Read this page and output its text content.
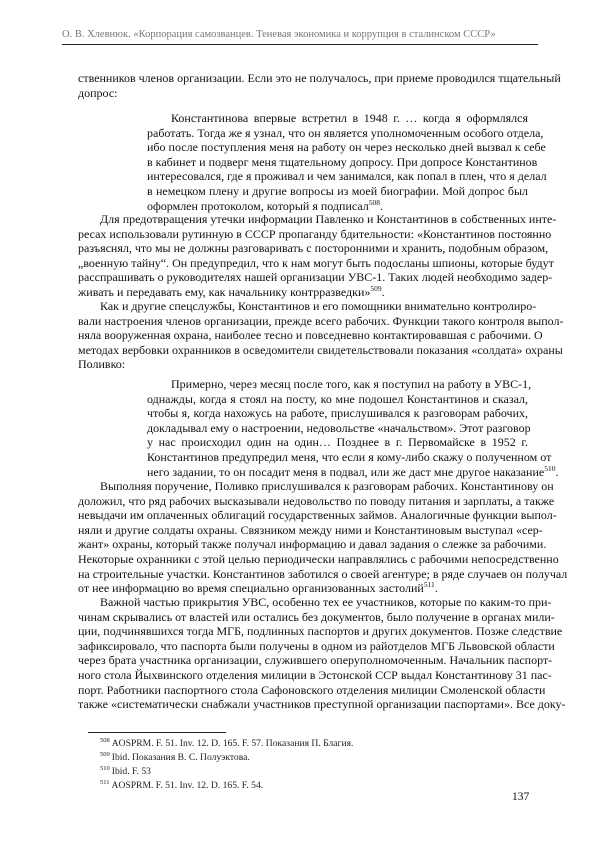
О. В. Хлевнюк. «Корпорация самозванцев. Теневая экономика и коррупция в сталинском СССР»
ственников членов организации. Если это не получалось, при приеме проводился тщательный
допрос:
Константинова впервые встретил в 1948 г. … когда я оформлялся
работать. Тогда же я узнал, что он является уполномоченным особого отдела,
ибо после поступления меня на работу он через несколько дней вызвал к себе
в кабинет и подверг меня тщательному допросу. При допросе Константинов
интересовался, где я проживал и чем занимался, как попал в плен, что я делал
в немецком плену и другие вопросы из моей биографии. Мой допрос был
оформлен протоколом, который я подписал$^{508}$.
Для предотвращения утечки информации Павленко и Константинов в собственных инте-
ресах использовали рутинную в СССР пропаганду бдительности: «Константинов постоянно
разъяснял, что мы не должны разговаривать с посторонними и хранить, подобным образом,
„военную тайну“. Он предупредил, что к нам могут быть подосланы шпионы, которые будут
расспрашивать о руководителях нашей организации УВС-1. Таких людей необходимо задер-
живать и передавать ему, как начальнику контрразведки»$^{509}$.
Как и другие спецслужбы, Константинов и его помощники внимательно контролиро-
вали настроения членов организации, прежде всего рабочих. Функции такого контроля выпол-
няла вооруженная охрана, наиболее тесно и повседневно контактировавшая с рабочими. О
методах вербовки охранников в осведомители свидетельствовали показания «солдата» охраны
Поливко:
Примерно, через месяц после того, как я поступил на работу в УВС-1,
однажды, когда я стоял на посту, ко мне подошел Константинов и сказал,
чтобы я, когда нахожусь на работе, прислушивался к разговорам рабочих,
докладывал ему о настроении, недовольстве «начальством». Этот разговор
у нас происходил один на один… Позднее в г. Первомайске в 1952 г.
Константинов предупредил меня, что если я кому-либо скажу о полученном от
него задании, то он посадит меня в подвал, или же даст мне другое наказание$^{510}$.
Выполняя поручение, Поливко прислушивался к разговорам рабочих. Константинову он
доложил, что ряд рабочих высказывали недовольство по поводу питания и зарплаты, а также
невыдачи им оплаченных облигаций государственных займов. Аналогичные функции выпол-
няли и другие солдаты охраны. Связником между ними и Константиновым выступал «сер-
жант» охраны, который также получал информацию и давал задания о слежке за рабочими.
Некоторые охранники с этой целью периодически направлялись с рабочими непосредственно
на строительные участки. Константинов заботился о своей агентуре; в ряде случаев он получал
от нее информацию во время специально организованных застолий$^{511}$.
Важной частью прикрытия УВС, особенно тех ее участников, которые по каким-то при-
чинам скрывались от властей или остались без документов, было получение в органах мили-
ции, подчинявшихся тогда МГБ, подлинных паспортов и других документов. Позже следствие
зафиксировало, что паспорта были получены в одном из райотделов МГБ Львовской области
через брата участника организации, служившего оперуполномоченным. Начальник паспорт-
ного стола Йыхвинского отделения милиции в Эстонской ССР выдал Константинову 31 пас-
порт. Работники паспортного стола Сафоновского отделения милиции Смоленской области
также «систематически снабжали участников преступной организации паспортами». Все доку-
$^{508}$ AOSPRM. F. 51. Inv. 12. D. 165. F. 57. Показания П. Благия.
$^{509}$ Ibid. Показания В. С. Полуэктова.
$^{510}$ Ibid. F. 53
$^{511}$ AOSPRM. F. 51. Inv. 12. D. 165. F. 54.
137
